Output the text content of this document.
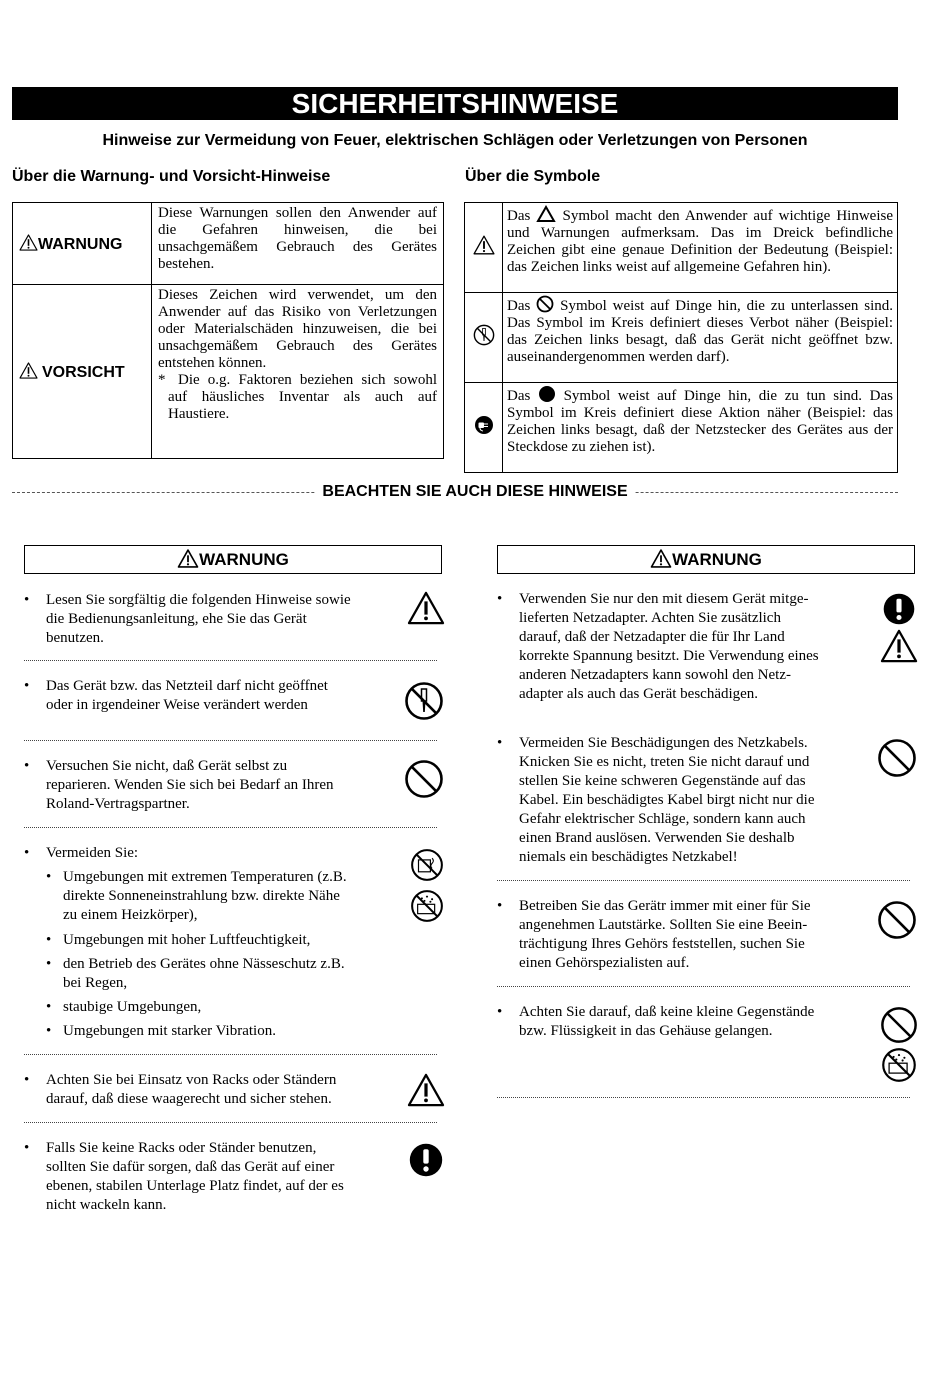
SICHERHEITSHINWEISE
Hinweise zur Vermeidung von Feuer, elektrischen Schlägen oder Verletzungen von Personen
Über die Warnung- und Vorsicht-Hinweise
WARNUNG	Diese Warnungen sollen den Anwender auf die Gefahren hinweisen, die bei unsachgemäßem Gebrauch des Gerätes bestehen.
VORSICHT	Dieses Zeichen wird verwendet, um den Anwender auf das Risiko von Verletzungen oder Materialschäden hinzuweisen, die bei unsachgemäßem Gebrauch des Gerätes entstehen können.
* Die o.g. Faktoren beziehen sich sowohl auf häusliches Inventar als auch auf Haustiere.
Über die Symbole
	Das Symbol macht den Anwender auf wichtige Hinweise und Warnungen aufmerksam. Das im Dreick befindliche Zeichen gibt eine genaue Definition der Bedeutung (Beispiel: das Zeichen links weist auf allgemeine Gefahren hin).
	Das Symbol weist auf Dinge hin, die zu unterlassen sind. Das Symbol im Kreis definiert dieses Verbot näher (Beispiel: das Zeichen links besagt, daß das Gerät nicht geöffnet bzw. auseinandergenommen werden darf).
	Das Symbol weist auf Dinge hin, die zu tun sind. Das Symbol im Kreis definiert diese Aktion näher (Beispiel: das Zeichen links besagt, daß der Netzstecker des Gerätes aus der Steckdose zu ziehen ist).
BEACHTEN SIE AUCH DIESE HINWEISE
WARNUNG
• Lesen Sie sorgfältig die folgenden Hinweise sowie
die Bedienungsanleitung, ehe Sie das Gerät
benutzen.
• Das Gerät bzw. das Netzteil darf nicht geöffnet
oder in irgendeiner Weise verändert werden
• Versuchen Sie nicht, daß Gerät selbst zu
reparieren. Wenden Sie sich bei Bedarf an Ihren
Roland-Vertragspartner.
• Vermeiden Sie:
• Umgebungen mit extremen Temperaturen (z.B.
direkte Sonneneinstrahlung bzw. direkte Nähe
zu einem Heizkörper),
• Umgebungen mit hoher Luftfeuchtigkeit,
• den Betrieb des Gerätes ohne Nässeschutz z.B.
bei Regen,
• staubige Umgebungen,
• Umgebungen mit starker Vibration.
• Achten Sie bei Einsatz von Racks oder Ständern
darauf, daß diese waagerecht und sicher stehen.
• Falls Sie keine Racks oder Ständer benutzen,
sollten Sie dafür sorgen, daß das Gerät auf einer
ebenen, stabilen Unterlage Platz findet, auf der es
nicht wackeln kann.
WARNUNG
• Verwenden Sie nur den mit diesem Gerät mitge-
lieferten Netzadapter. Achten Sie zusätzlich
darauf, daß der Netzadapter die für Ihr Land
korrekte Spannung besitzt. Die Verwendung eines
anderen Netzadapters kann sowohl den Netz-
adapter als auch das Gerät beschädigen.
• Vermeiden Sie Beschädigungen des Netzkabels.
Knicken Sie es nicht, treten Sie nicht darauf und
stellen Sie keine schweren Gegenstände auf das
Kabel. Ein beschädigtes Kabel birgt nicht nur die
Gefahr elektrischer Schläge, sondern kann auch
einen Brand auslösen. Verwenden Sie deshalb
niemals ein beschädigtes Netzkabel!
• Betreiben Sie das Gerätr immer mit einer für Sie
angenehmen Lautstärke. Sollten Sie eine Beein-
trächtigung Ihres Gehörs feststellen, suchen Sie
einen Gehörspezialisten auf.
• Achten Sie darauf, daß keine kleine Gegenstände
bzw. Flüssigkeit in das Gehäuse gelangen.
